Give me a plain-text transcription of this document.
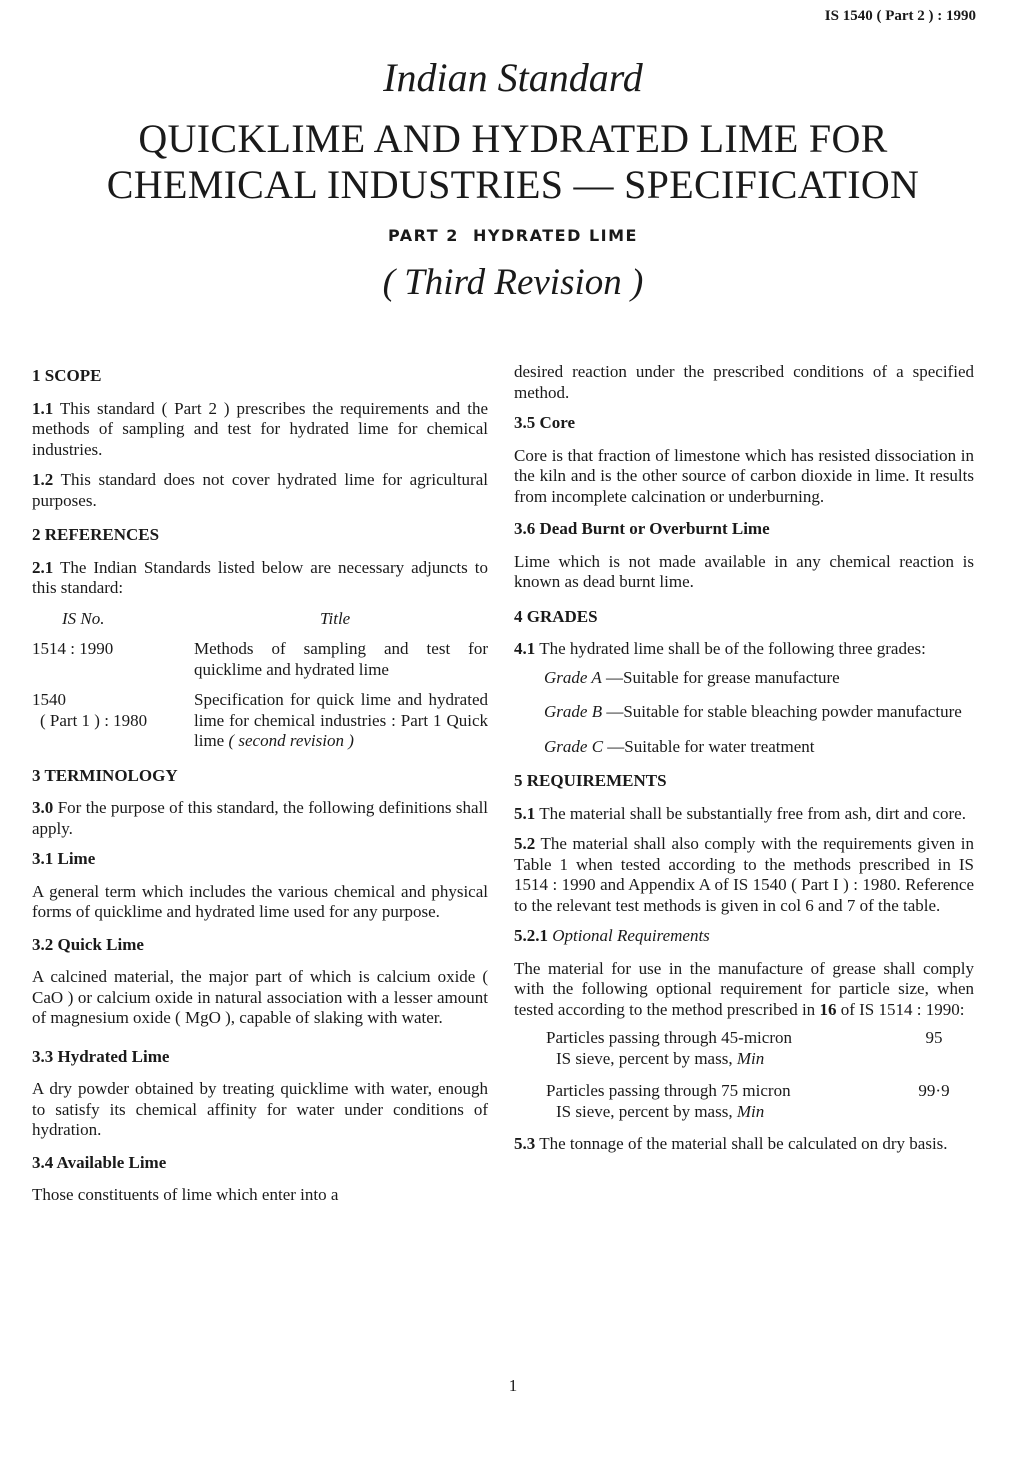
IS 1540 ( Part 2 ) : 1990
Indian Standard
QUICKLIME AND HYDRATED LIME FOR
CHEMICAL INDUSTRIES — SPECIFICATION
PART 2  HYDRATED LIME
( Third Revision )
1 SCOPE

1.1 This standard ( Part 2 ) prescribes the requirements and the methods of sampling and test for hydrated lime for chemical industries.

1.2 This standard does not cover hydrated lime for agricultural purposes.

2 REFERENCES

2.1 The Indian Standards listed below are necessary adjuncts to this standard:

IS No.	Title
1514 : 1990	Methods of sampling and test for quicklime and hydrated lime
1540
( Part 1 ) : 1980
Specification for quick lime and hydrated lime for chemical industries : Part 1 Quick lime ( second revision )
3 TERMINOLOGY

3.0 For the purpose of this standard, the following definitions shall apply.

3.1 Lime

A general term which includes the various chemical and physical forms of quicklime and hydrated lime used for any purpose.

3.2 Quick Lime

A calcined material, the major part of which is calcium oxide ( CaO ) or calcium oxide in natural association with a lesser amount of magnesium oxide ( MgO ), capable of slaking with water.

3.3 Hydrated Lime

A dry powder obtained by treating quicklime with water, enough to satisfy its chemical affinity for water under conditions of hydration.

3.4 Available Lime

Those constituents of lime which enter into a

desired reaction under the prescribed conditions of a specified method.

3.5 Core

Core is that fraction of limestone which has resisted dissociation in the kiln and is the other source of carbon dioxide in lime. It results from incomplete calcination or underburning.

3.6 Dead Burnt or Overburnt Lime

Lime which is not made available in any chemical reaction is known as dead burnt lime.

4 GRADES

4.1 The hydrated lime shall be of the following three grades:

Grade A — Suitable for grease manufacture
Grade B — Suitable for stable bleaching powder manufacture
Grade C — Suitable for water treatment
5 REQUIREMENTS

5.1 The material shall be substantially free from ash, dirt and core.

5.2 The material shall also comply with the requirements given in Table 1 when tested according to the methods prescribed in IS 1514 : 1990 and Appendix A of IS 1540 ( Part I ) : 1980. Reference to the relevant test methods is given in col 6 and 7 of the table.

5.2.1 Optional Requirements

The material for use in the manufacture of grease shall comply with the following optional requirement for particle size, when tested according to the method prescribed in 16 of IS 1514 : 1990:

Particles passing through 45-micron
IS sieve, percent by mass, Min
95
Particles passing through 75 micron
IS sieve, percent by mass, Min
99·9

5.3 The tonnage of the material shall be calculated on dry basis.

1
